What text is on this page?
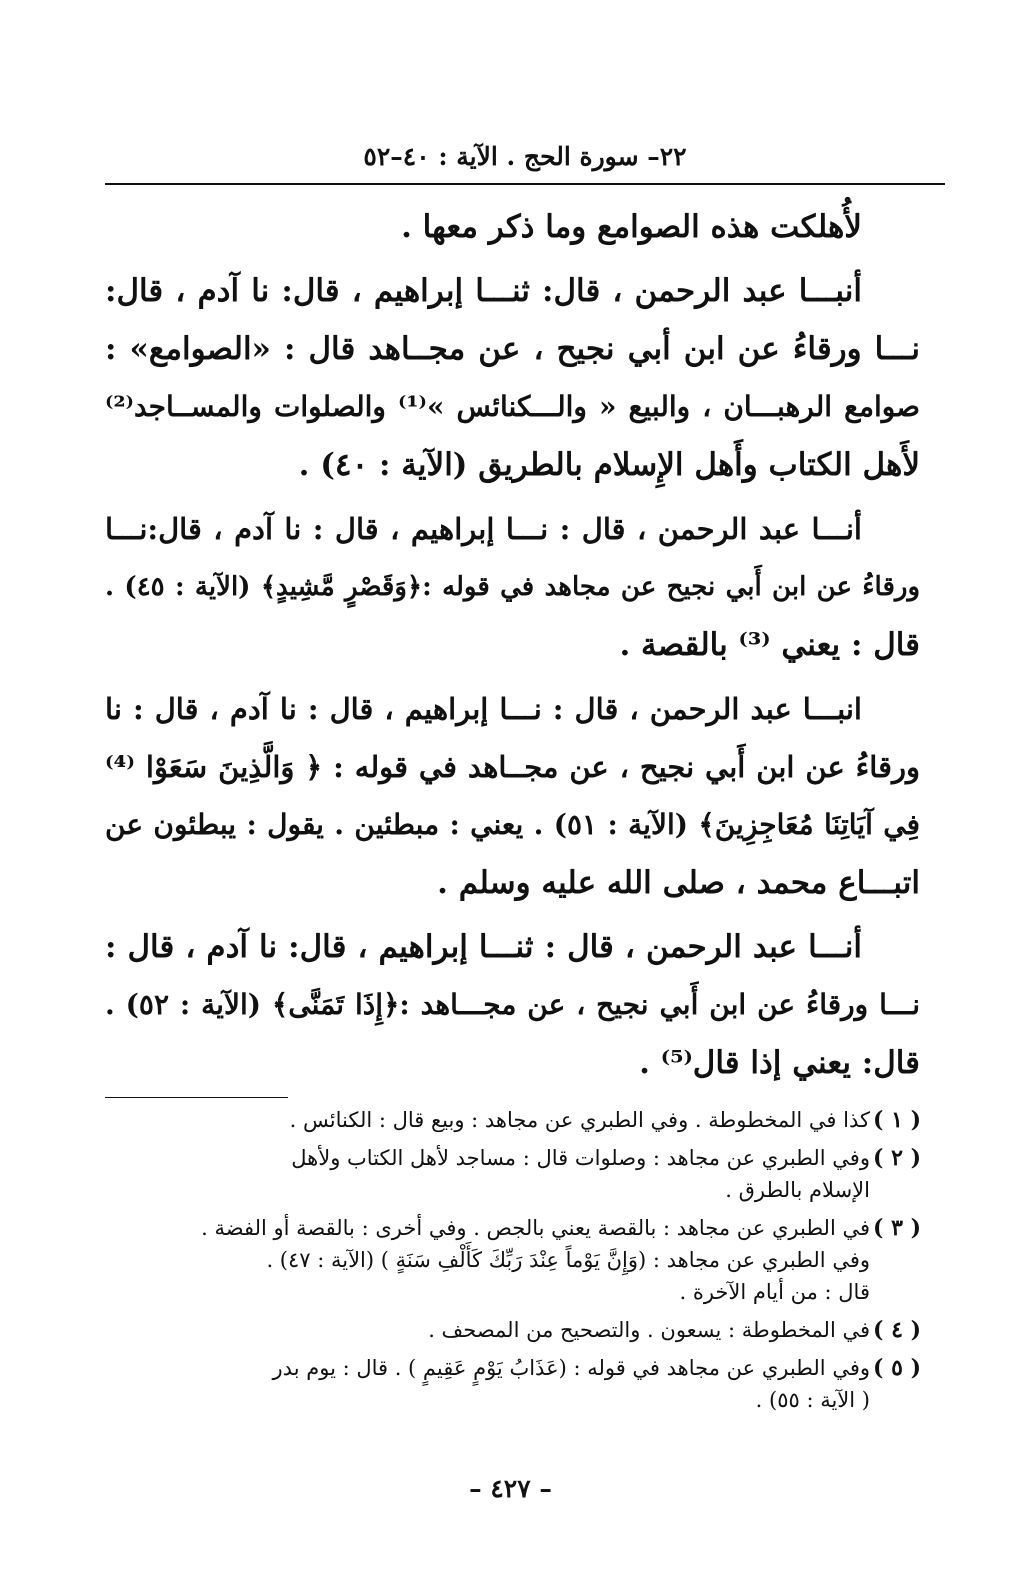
٢٢– سورة الحج . الآية : ٤٠–٥٢
لأُهلكت هذه الصوامع وما ذكر معها .
أنبـــا عبد الرحمن ، قال: ثنـــا إبراهيم ، قال: نا آدم ، قال:
نـــا ورقاءُ عن ابن أبي نجيح ، عن مجــاهد قال : «الصوامع» :
صوامع الرهبـــان ، والبيع « والـــكنائس »⁽¹⁾ والصلوات والمســاجد⁽²⁾
لأَهل الكتاب وأَهل الإِسلام بالطريق (الآية : ٤٠) .
أنـــا عبد الرحمن ، قال : نـــا إبراهيم ، قال : نا آدم ، قال:نـــا
ورقاءُ عن ابن أَبي نجيح عن مجاهد في قوله :﴿وَقَصْرٍ مَّشِيدٍ﴾ (الآية : ٤٥) .
قال : يعني ⁽³⁾ بالقصة .
انبـــا عبد الرحمن ، قال : نـــا إبراهيم ، قال : نا آدم ، قال : نا
ورقاءُ عن ابن أَبي نجيح ، عن مجــاهد في قوله : ﴿ وَالَّذِينَ سَعَوْا ⁽⁴⁾
فِي آيَاتِنَا مُعَاجِزِينَ﴾ (الآية : ٥١) . يعني : مبطئين . يقول : يبطئون عن
اتبـــاع محمد ، صلى الله عليه وسلم .
أنـــا عبد الرحمن ، قال : ثنـــا إبراهيم ، قال: نا آدم ، قال :
نـــا ورقاءُ عن ابن أَبي نجيح ، عن مجـــاهد :﴿إِذَا تَمَنَّى﴾ (الآية : ٥٢) .
قال: يعني إذا قال⁽⁵⁾ .
( ١ )
كذا في المخطوطة . وفي الطبري عن مجاهد : وبيع قال : الكنائس .
( ٢ )
وفي الطبري عن مجاهد : وصلوات قال : مساجد لأهل الكتاب ولأهل
الإسلام بالطرق .
( ٣ )
في الطبري عن مجاهد : بالقصة يعني بالجص . وفي أخرى : بالقصة أو الفضة .
وفي الطبري عن مجاهد : (وَإِنَّ يَوْماً عِنْدَ رَبِّكَ كَأَلْفِ سَنَةٍ ) (الآية : ٤٧) .
قال : من أيام الآخرة .
( ٤ )
في المخطوطة : يسعون . والتصحيح من المصحف .
( ٥ )
وفي الطبري عن مجاهد في قوله : (عَذَابُ يَوْمٍ عَقِيمٍ ) . قال : يوم بدر
( الآية : ٥٥) .
– ٤٢٧ –
